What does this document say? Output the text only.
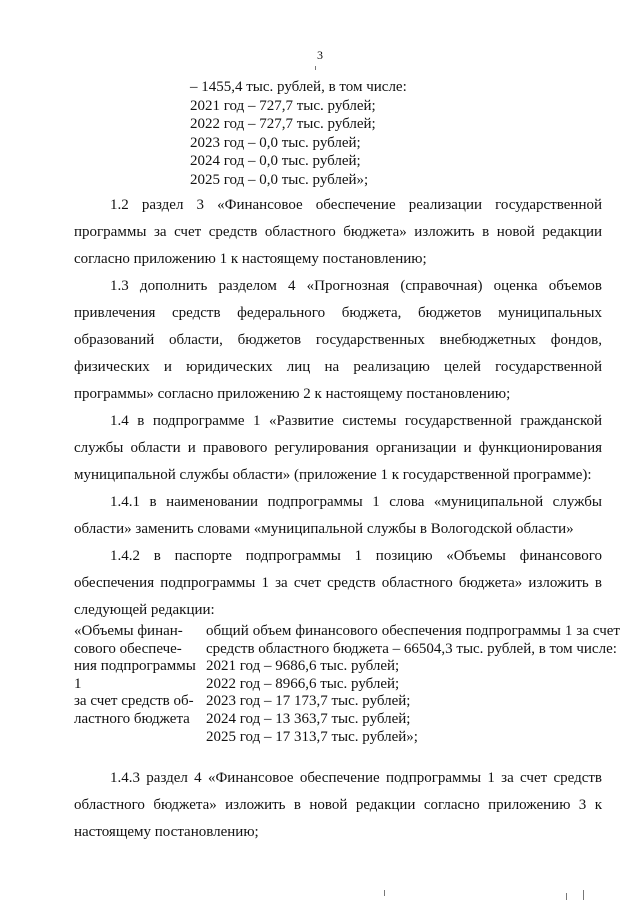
3
– 1455,4 тыс. рублей, в том числе:
2021 год – 727,7 тыс. рублей;
2022 год – 727,7 тыс. рублей;
2023 год – 0,0 тыс. рублей;
2024 год – 0,0 тыс. рублей;
2025 год – 0,0 тыс. рублей»;
1.2 раздел 3 «Финансовое обеспечение реализации государственной программы за счет средств областного бюджета» изложить в новой редакции согласно приложению 1 к настоящему постановлению;
1.3 дополнить разделом 4 «Прогнозная (справочная) оценка объемов привлечения средств федерального бюджета, бюджетов муниципальных образований области, бюджетов государственных внебюджетных фондов, физических и юридических лиц на реализацию целей государственной программы» согласно приложению 2 к настоящему постановлению;
1.4 в подпрограмме 1 «Развитие системы государственной гражданской службы области и правового регулирования организации и функционирования муниципальной службы области» (приложение 1 к государственной программе):
1.4.1 в наименовании подпрограммы 1 слова «муниципальной службы области» заменить словами «муниципальной службы в Вологодской области»
1.4.2 в паспорте подпрограммы 1 позицию «Объемы финансового обеспечения подпрограммы 1 за счет средств областного бюджета» изложить в следующей редакции:
«Объемы финан-
сового обеспече-
ния подпрограммы
1
за счет средств об-
ластного бюджета
общий объем финансового обеспечения подпрограммы 1 за счет средств областного бюджета – 66504,3 тыс. рублей, в том числе:
2021 год – 9686,6 тыс. рублей;
2022 год – 8966,6 тыс. рублей;
2023 год – 17 173,7 тыс. рублей;
2024 год – 13 363,7 тыс. рублей;
2025 год – 17 313,7 тыс. рублей»;
1.4.3 раздел 4 «Финансовое обеспечение подпрограммы 1 за счет средств областного бюджета» изложить в новой редакции согласно приложению 3 к настоящему постановлению;
